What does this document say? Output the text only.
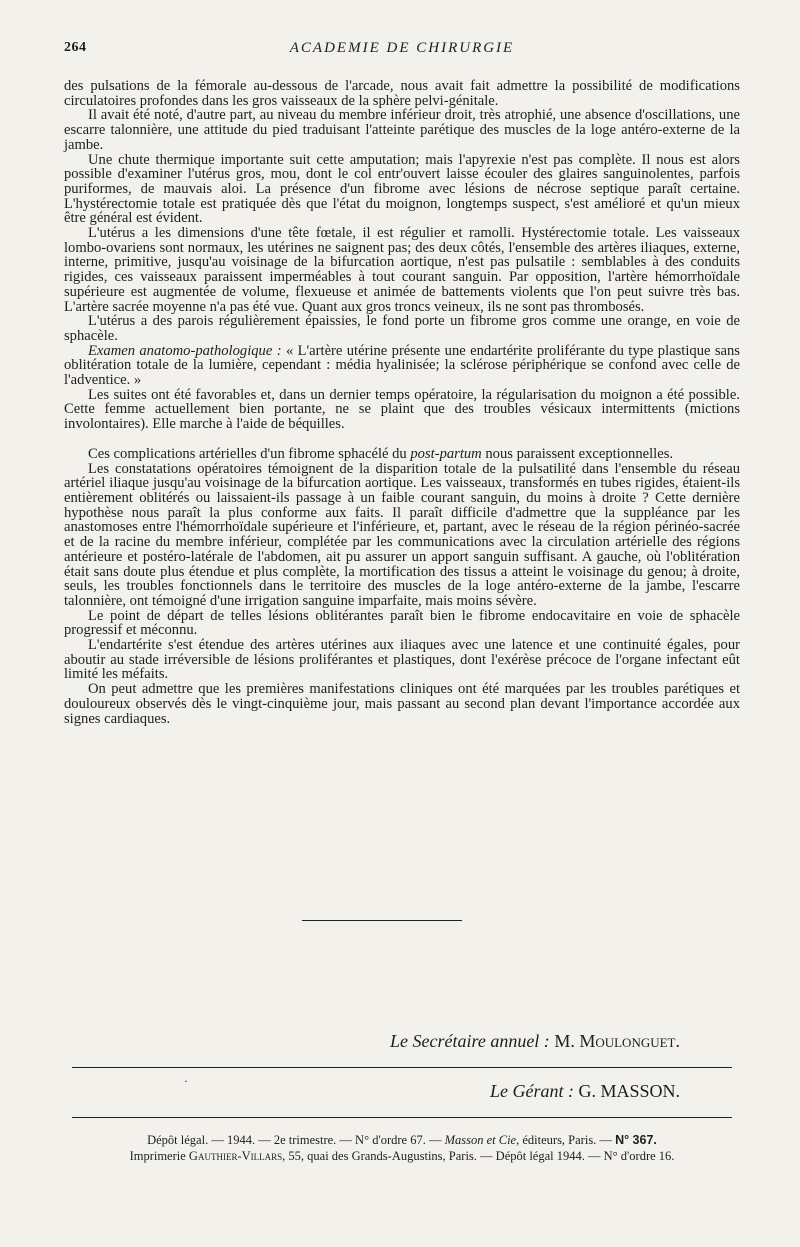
264	ACADEMIE DE CHIRURGIE

des pulsations de la fémorale au-dessous de l'arcade, nous avait fait admettre la possibilité de modifications circulatoires profondes dans les gros vaisseaux de la sphère pelvi-génitale.

Il avait été noté, d'autre part, au niveau du membre inférieur droit, très atrophié, une absence d'oscillations, une escarre talonnière, une attitude du pied traduisant l'atteinte parétique des muscles de la loge antéro-externe de la jambe.

Une chute thermique importante suit cette amputation; mais l'apyrexie n'est pas complète. Il nous est alors possible d'examiner l'utérus gros, mou, dont le col entr'ouvert laisse écouler des glaires sanguinolentes, parfois puriformes, de mauvais aloi. La présence d'un fibrome avec lésions de nécrose septique paraît certaine. L'hystérectomie totale est pratiquée dès que l'état du moignon, longtemps suspect, s'est amélioré et qu'un mieux être général est évident.

L'utérus a les dimensions d'une tête fœtale, il est régulier et ramolli. Hystérectomie totale. Les vaisseaux lombo-ovariens sont normaux, les utérines ne saignent pas; des deux côtés, l'ensemble des artères iliaques, externe, interne, primitive, jusqu'au voisinage de la bifurcation aortique, n'est pas pulsatile : semblables à des conduits rigides, ces vaisseaux paraissent imperméables à tout courant sanguin. Par opposition, l'artère hémorrhoïdale supérieure est augmentée de volume, flexueuse et animée de battements violents que l'on peut suivre très bas. L'artère sacrée moyenne n'a pas été vue. Quant aux gros troncs veineux, ils ne sont pas thrombosés.

L'utérus a des parois régulièrement épaissies, le fond porte un fibrome gros comme une orange, en voie de sphacèle.

Examen anatomo-pathologique : « L'artère utérine présente une endartérite proliférante du type plastique sans oblitération totale de la lumière, cependant : média hyalinisée; la sclérose périphérique se confond avec celle de l'adventice. »

Les suites ont été favorables et, dans un dernier temps opératoire, la régularisation du moignon a été possible. Cette femme actuellement bien portante, ne se plaint que des troubles vésicaux intermittents (mictions involontaires). Elle marche à l'aide de béquilles.

Ces complications artérielles d'un fibrome sphacélé du post-partum nous paraissent exceptionnelles.

Les constatations opératoires témoignent de la disparition totale de la pulsatilité dans l'ensemble du réseau artériel iliaque jusqu'au voisinage de la bifurcation aortique. Les vaisseaux, transformés en tubes rigides, étaient-ils entièrement oblitérés ou laissaient-ils passage à un faible courant sanguin, du moins à droite ? Cette dernière hypothèse nous paraît la plus conforme aux faits. Il paraît difficile d'admettre que la suppléance par les anastomoses entre l'hémorrhoïdale supérieure et l'inférieure, et, partant, avec le réseau de la région périnéo-sacrée et de la racine du membre inférieur, complétée par les communications avec la circulation artérielle des régions antérieure et postéro-latérale de l'abdomen, ait pu assurer un apport sanguin suffisant. A gauche, où l'oblitération était sans doute plus étendue et plus complète, la mortification des tissus a atteint le voisinage du genou; à droite, seuls, les troubles fonctionnels dans le territoire des muscles de la loge antéro-externe de la jambe, l'escarre talonnière, ont témoigné d'une irrigation sanguine imparfaite, mais moins sévère.

Le point de départ de telles lésions oblitérantes paraît bien le fibrome endocavitaire en voie de sphacèle progressif et méconnu.

L'endartérite s'est étendue des artères utérines aux iliaques avec une latence et une continuité égales, pour aboutir au stade irréversible de lésions proliférantes et plastiques, dont l'exérèse précoce de l'organe infectant eût limité les méfaits.

On peut admettre que les premières manifestations cliniques ont été marquées par les troubles parétiques et douloureux observés dès le vingt-cinquième jour, mais passant au second plan devant l'importance accordée aux signes cardiaques.

Le Secrétaire annuel : M. Moulonguet.
·	Le Gérant : G. MASSON.
Dépôt légal. — 1944. — 2e trimestre. — N° d'ordre 67. — Masson et Cie, éditeurs, Paris. — N° 367.
Imprimerie Gauthier-Villars, 55, quai des Grands-Augustins, Paris. — Dépôt légal 1944. — N° d'ordre 16.
